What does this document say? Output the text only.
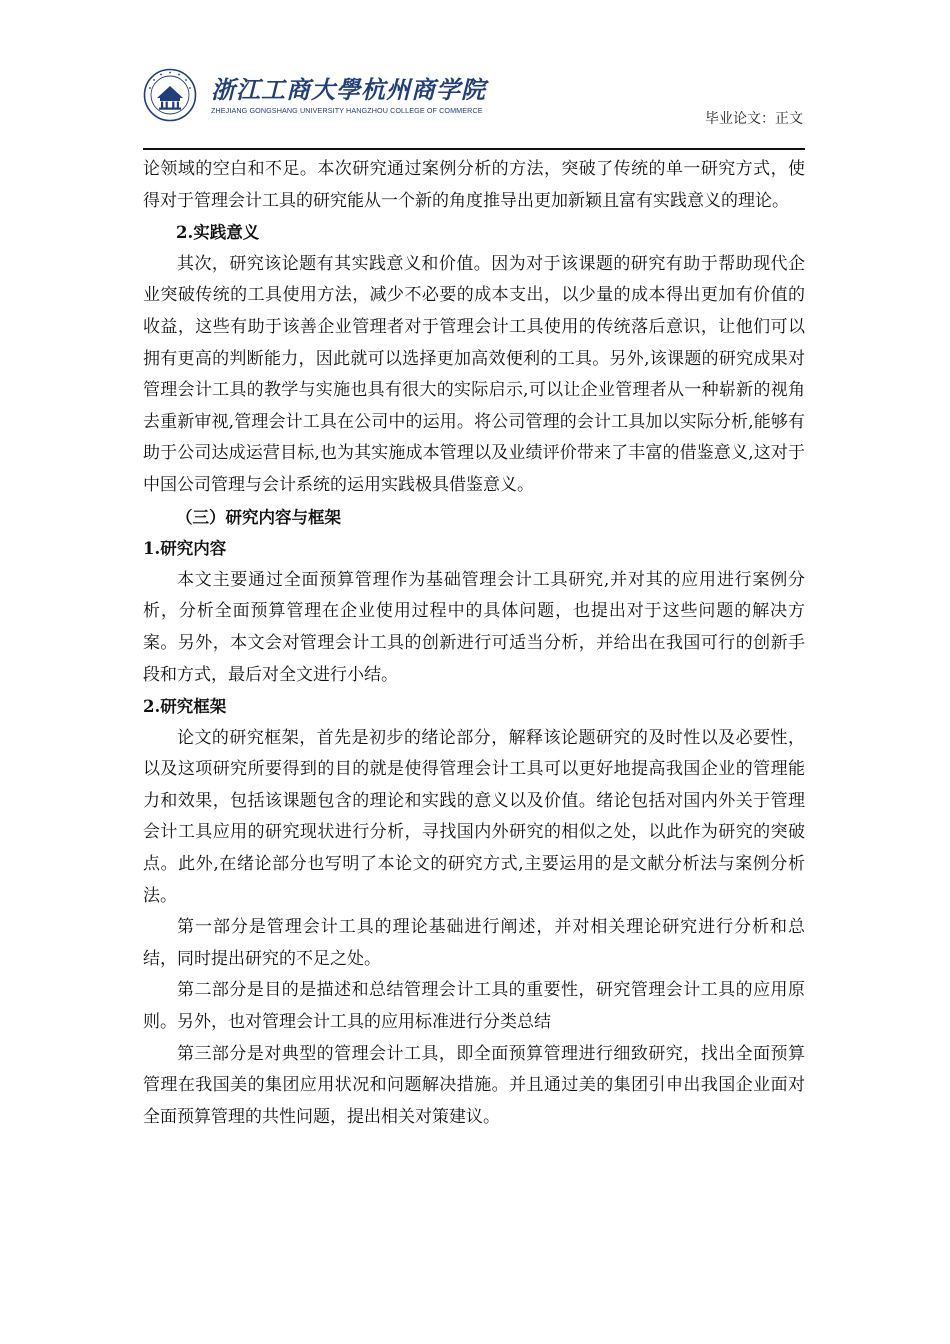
浙江工商大學杭州商学院
ZHEJIANG GONGSHANG UNIVERSITY HANGZHOU COLLEGE OF COMMERCE
毕业论文：正文

论领域的空白和不足。本次研究通过案例分析的方法，突破了传统的单一研究方式，使得对于管理会计工具的研究能从一个新的角度推导出更加新颖且富有实践意义的理论。

2.实践意义

其次，研究该论题有其实践意义和价值。因为对于该课题的研究有助于帮助现代企业突破传统的工具使用方法，减少不必要的成本支出，以少量的成本得出更加有价值的收益，这些有助于该善企业管理者对于管理会计工具使用的传统落后意识，让他们可以拥有更高的判断能力，因此就可以选择更加高效便利的工具。另外,该课题的研究成果对管理会计工具的教学与实施也具有很大的实际启示,可以让企业管理者从一种崭新的视角去重新审视,管理会计工具在公司中的运用。将公司管理的会计工具加以实际分析,能够有助于公司达成运营目标,也为其实施成本管理以及业绩评价带来了丰富的借鉴意义,这对于中国公司管理与会计系统的运用实践极具借鉴意义。

（三）研究内容与框架
1.研究内容

本文主要通过全面预算管理作为基础管理会计工具研究,并对其的应用进行案例分析，分析全面预算管理在企业使用过程中的具体问题，也提出对于这些问题的解决方案。另外，本文会对管理会计工具的创新进行可适当分析，并给出在我国可行的创新手段和方式，最后对全文进行小结。

2.研究框架

论文的研究框架，首先是初步的绪论部分，解释该论题研究的及时性以及必要性，以及这项研究所要得到的目的就是使得管理会计工具可以更好地提高我国企业的管理能力和效果，包括该课题包含的理论和实践的意义以及价值。绪论包括对国内外关于管理会计工具应用的研究现状进行分析，寻找国内外研究的相似之处，以此作为研究的突破点。此外,在绪论部分也写明了本论文的研究方式,主要运用的是文献分析法与案例分析法。

第一部分是管理会计工具的理论基础进行阐述，并对相关理论研究进行分析和总结，同时提出研究的不足之处。

第二部分是目的是描述和总结管理会计工具的重要性，研究管理会计工具的应用原则。另外，也对管理会计工具的应用标准进行分类总结

第三部分是对典型的管理会计工具，即全面预算管理进行细致研究，找出全面预算管理在我国美的集团应用状况和问题解决措施。并且通过美的集团引申出我国企业面对全面预算管理的共性问题，提出相关对策建议。
